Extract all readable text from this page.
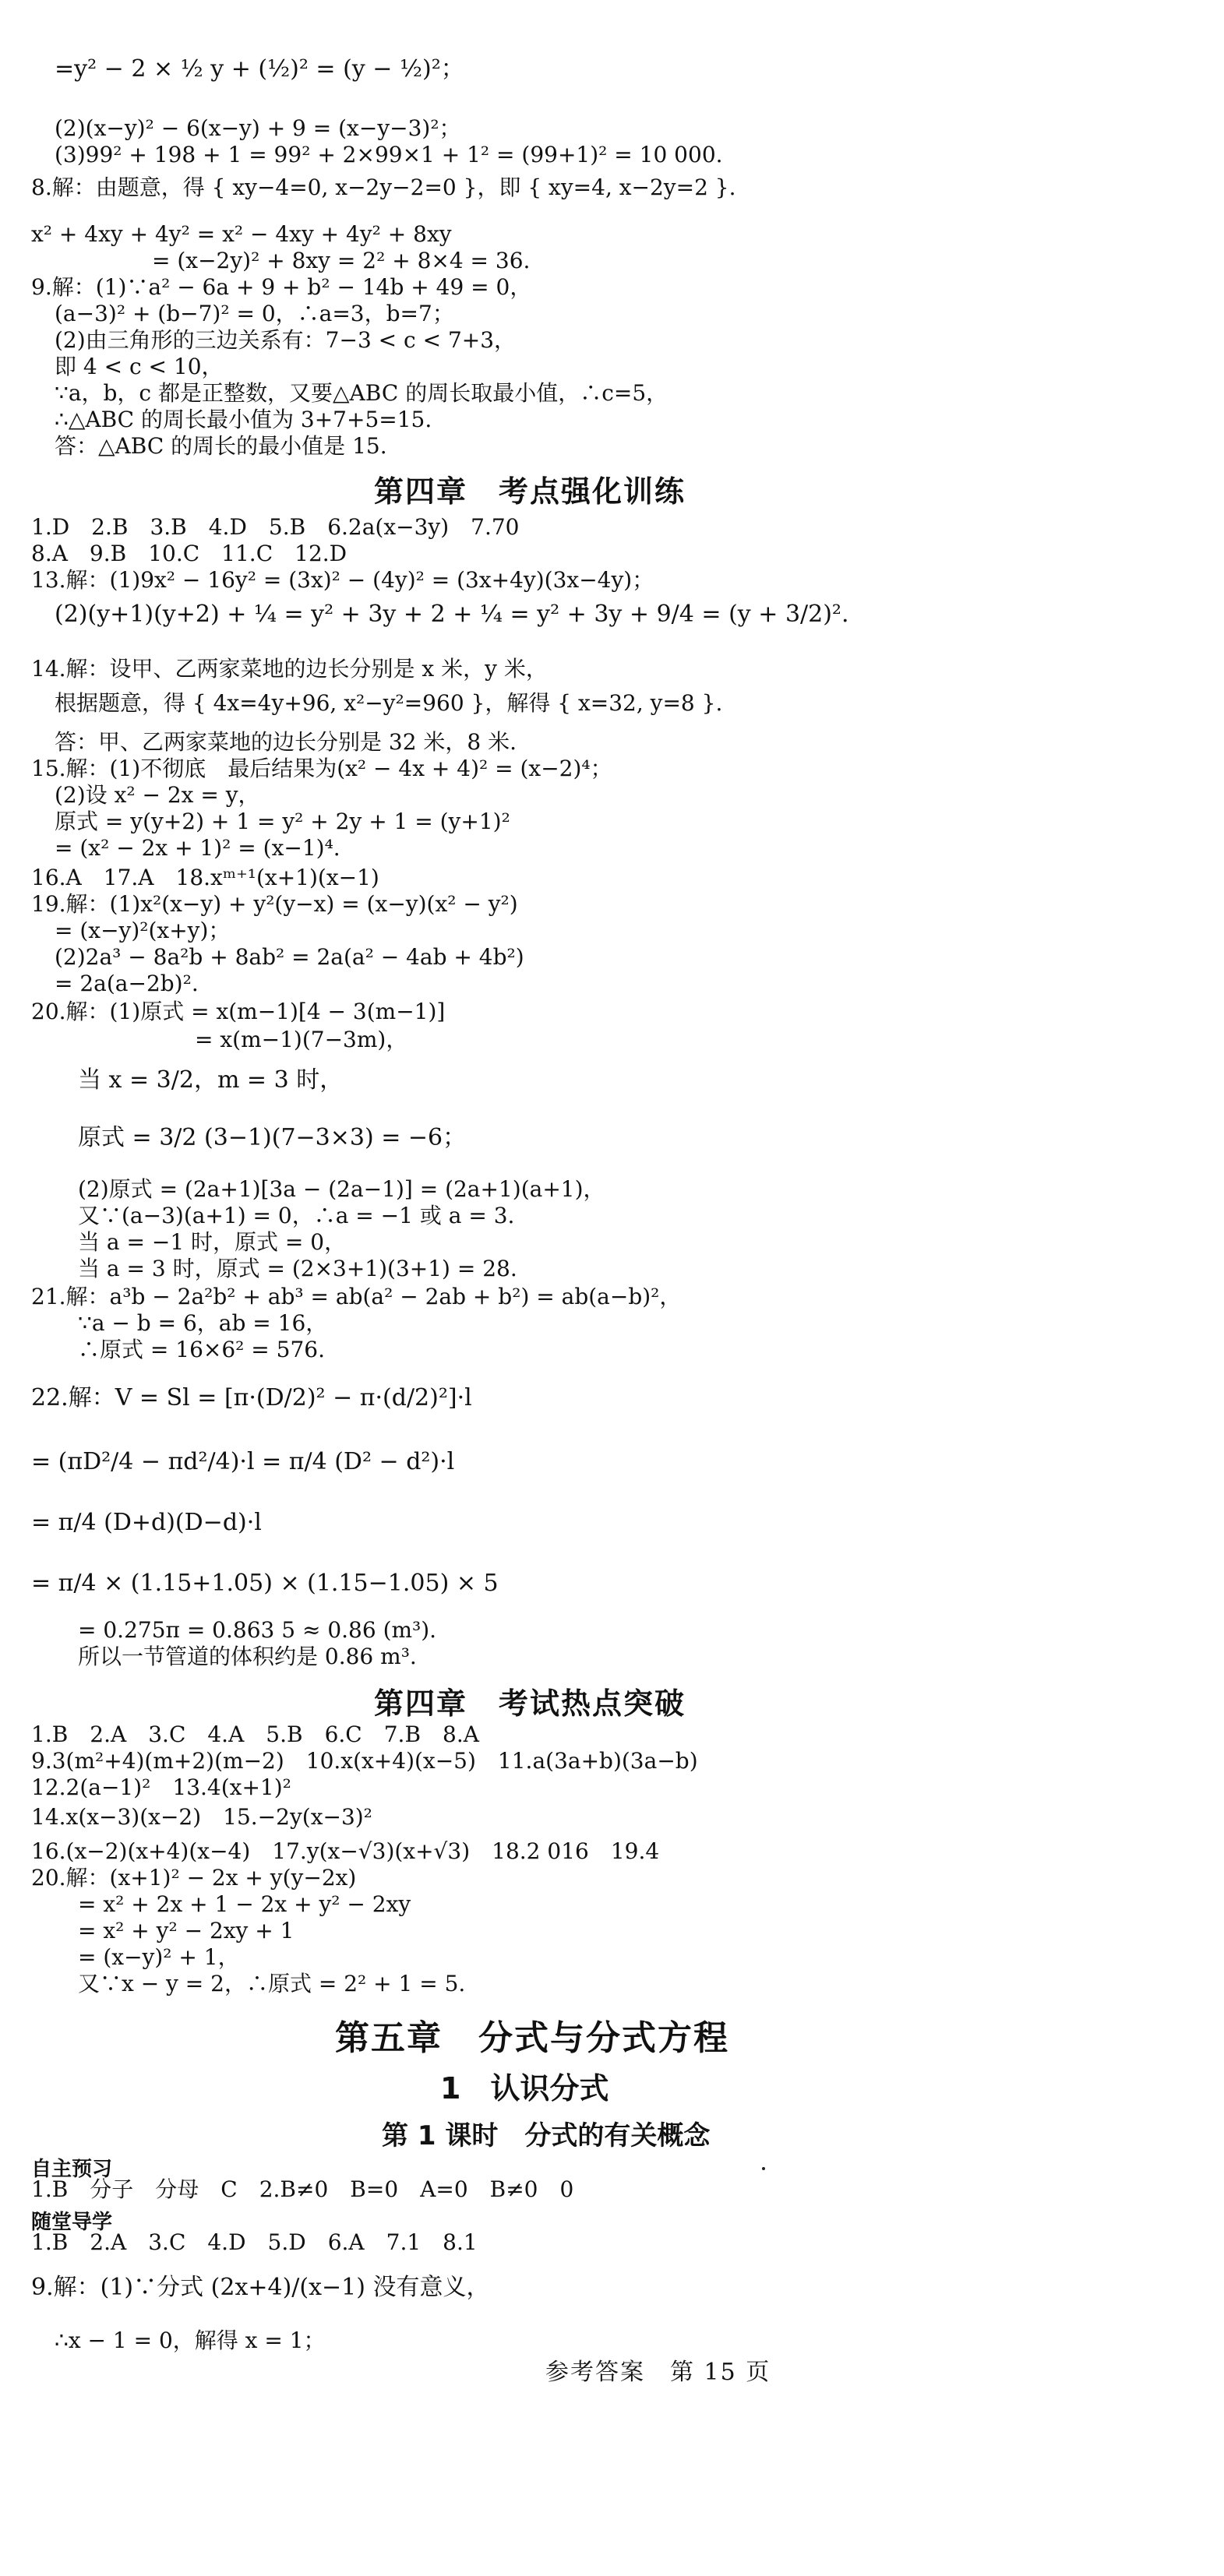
=y² − 2 × ½ y + (½)² = (y − ½)²；
(2)(x−y)² − 6(x−y) + 9 = (x−y−3)²；
(3)99² + 198 + 1 = 99² + 2×99×1 + 1² = (99+1)² = 10 000.
8.解：由题意，得 { xy−4=0, x−2y−2=0 }，即 { xy=4, x−2y=2 }.
x² + 4xy + 4y² = x² − 4xy + 4y² + 8xy
= (x−2y)² + 8xy = 2² + 8×4 = 36.
9.解：(1)∵a² − 6a + 9 + b² − 14b + 49 = 0，
(a−3)² + (b−7)² = 0，∴a=3，b=7；
(2)由三角形的三边关系有：7−3 < c < 7+3，
即 4 < c < 10，
∵a，b，c 都是正整数，又要△ABC 的周长取最小值，∴c=5，
∴△ABC 的周长最小值为 3+7+5=15.
答：△ABC 的周长的最小值是 15.
第四章　考点强化训练
1.D　2.B　3.B　4.D　5.B　6.2a(x−3y)　7.70
8.A　9.B　10.C　11.C　12.D
13.解：(1)9x² − 16y² = (3x)² − (4y)² = (3x+4y)(3x−4y)；
(2)(y+1)(y+2) + ¼ = y² + 3y + 2 + ¼ = y² + 3y + 9/4 = (y + 3/2)².
14.解：设甲、乙两家菜地的边长分别是 x 米，y 米，
根据题意，得 { 4x=4y+96, x²−y²=960 }，解得 { x=32, y=8 }.
答：甲、乙两家菜地的边长分别是 32 米，8 米.
15.解：(1)不彻底　最后结果为(x² − 4x + 4)² = (x−2)⁴；
(2)设 x² − 2x = y，
原式 = y(y+2) + 1 = y² + 2y + 1 = (y+1)²
= (x² − 2x + 1)² = (x−1)⁴.
16.A　17.A　18.xᵐ⁺¹(x+1)(x−1)
19.解：(1)x²(x−y) + y²(y−x) = (x−y)(x² − y²)
= (x−y)²(x+y)；
(2)2a³ − 8a²b + 8ab² = 2a(a² − 4ab + 4b²)
= 2a(a−2b)².
20.解：(1)原式 = x(m−1)[4 − 3(m−1)]
= x(m−1)(7−3m)，
当 x = 3/2，m = 3 时，
原式 = 3/2 (3−1)(7−3×3) = −6；
(2)原式 = (2a+1)[3a − (2a−1)] = (2a+1)(a+1)，
又∵(a−3)(a+1) = 0，∴a = −1 或 a = 3.
当 a = −1 时，原式 = 0，
当 a = 3 时，原式 = (2×3+1)(3+1) = 28.
21.解：a³b − 2a²b² + ab³ = ab(a² − 2ab + b²) = ab(a−b)²，
∵a − b = 6，ab = 16，
∴原式 = 16×6² = 576.
22.解：V = Sl = [π·(D/2)² − π·(d/2)²]·l
= (πD²/4 − πd²/4)·l = π/4 (D² − d²)·l
= π/4 (D+d)(D−d)·l
= π/4 × (1.15+1.05) × (1.15−1.05) × 5
= 0.275π = 0.863 5 ≈ 0.86 (m³).
所以一节管道的体积约是 0.86 m³.
第四章　考试热点突破
1.B　2.A　3.C　4.A　5.B　6.C　7.B　8.A
9.3(m²+4)(m+2)(m−2)　10.x(x+4)(x−5)　11.a(3a+b)(3a−b)
12.2(a−1)²　13.4(x+1)²
14.x(x−3)(x−2)　15.−2y(x−3)²
16.(x−2)(x+4)(x−4)　17.y(x−√3)(x+√3)　18.2 016　19.4
20.解：(x+1)² − 2x + y(y−2x)
= x² + 2x + 1 − 2x + y² − 2xy
= x² + y² − 2xy + 1
= (x−y)² + 1，
又∵x − y = 2，∴原式 = 2² + 1 = 5.
第五章　分式与分式方程
1　认识分式
第 1 课时　分式的有关概念
自主预习
1.B　分子　分母　C　2.B≠0　B=0　A=0　B≠0　0
随堂导学
1.B　2.A　3.C　4.D　5.D　6.A　7.1　8.1
9.解：(1)∵分式 (2x+4)/(x−1) 没有意义，
∴x − 1 = 0，解得 x = 1；
参考答案　第 15 页
